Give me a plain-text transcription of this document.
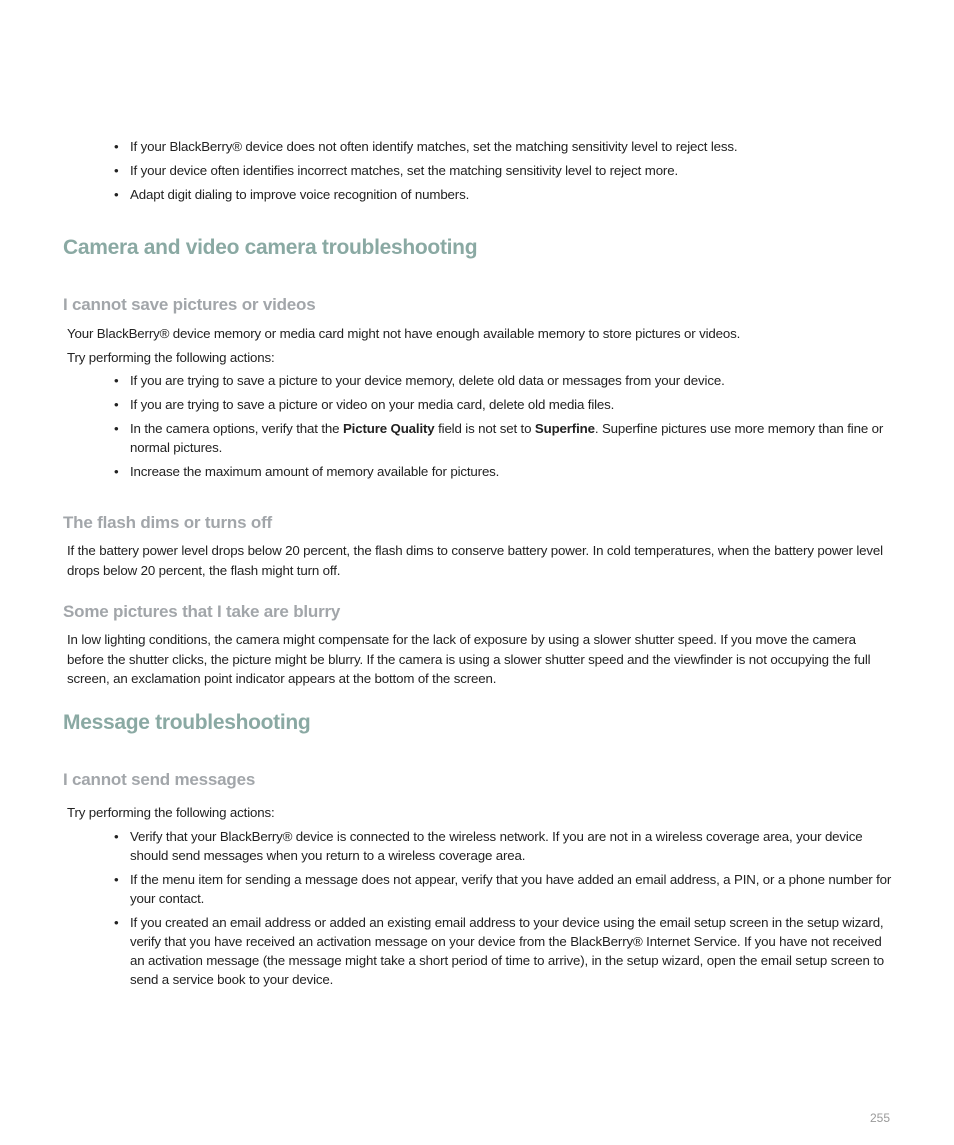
• If your BlackBerry® device does not often identify matches, set the matching sensitivity level to reject less.
• If your device often identifies incorrect matches, set the matching sensitivity level to reject more.
• Adapt digit dialing to improve voice recognition of numbers.
Camera and video camera troubleshooting
I cannot save pictures or videos

Your BlackBerry® device memory or media card might not have enough available memory to store pictures or videos.

Try performing the following actions:

• If you are trying to save a picture to your device memory, delete old data or messages from your device.
• If you are trying to save a picture or video on your media card, delete old media files.
• In the camera options, verify that the Picture Quality field is not set to Superfine. Superfine pictures use more memory than fine or normal pictures.
• Increase the maximum amount of memory available for pictures.
The flash dims or turns off

If the battery power level drops below 20 percent, the flash dims to conserve battery power. In cold temperatures, when the battery power level drops below 20 percent, the flash might turn off.

Some pictures that I take are blurry

In low lighting conditions, the camera might compensate for the lack of exposure by using a slower shutter speed. If you move the camera before the shutter clicks, the picture might be blurry. If the camera is using a slower shutter speed and the viewfinder is not occupying the full screen, an exclamation point indicator appears at the bottom of the screen.

Message troubleshooting
I cannot send messages

Try performing the following actions:

• Verify that your BlackBerry® device is connected to the wireless network. If you are not in a wireless coverage area, your device should send messages when you return to a wireless coverage area.
• If the menu item for sending a message does not appear, verify that you have added an email address, a PIN, or a phone number for your contact.
• If you created an email address or added an existing email address to your device using the email setup screen in the setup wizard, verify that you have received an activation message on your device from the BlackBerry® Internet Service. If you have not received an activation message (the message might take a short period of time to arrive), in the setup wizard, open the email setup screen to send a service book to your device.
255
